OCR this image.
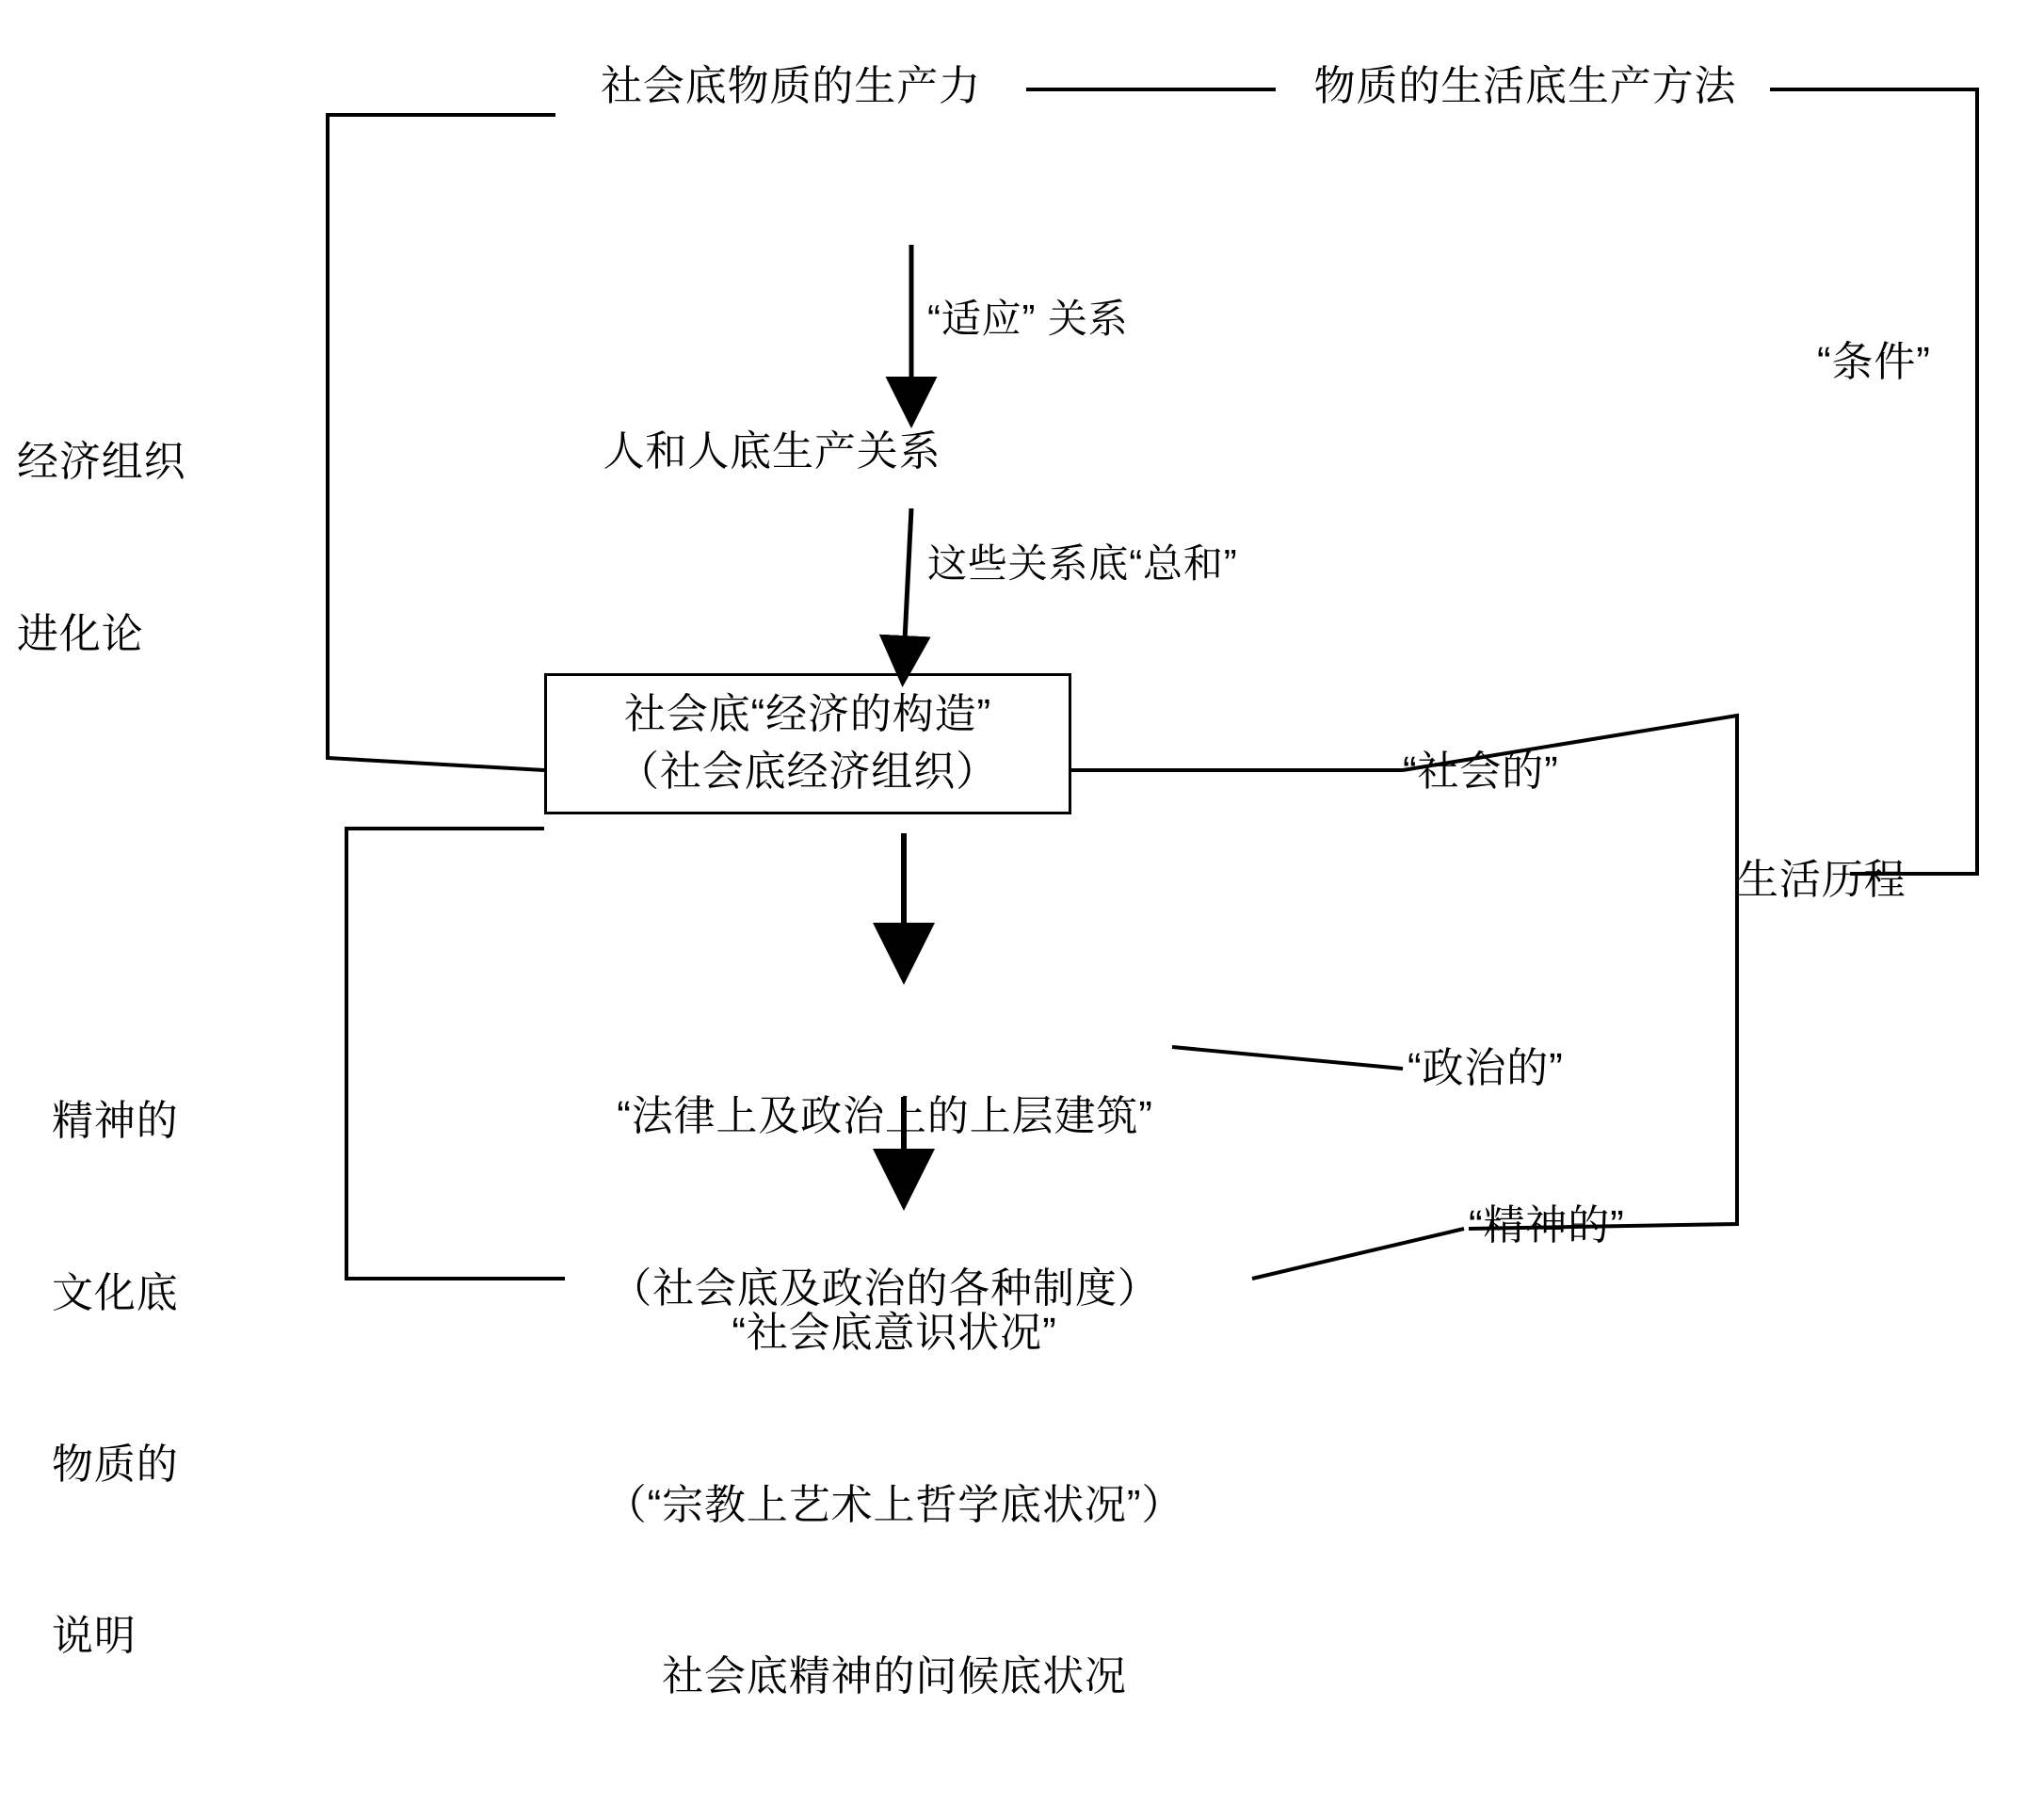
社会底物质的生产力	物质的生活底生产方法
“适应” 关系
人和人底生产关系
这些关系底“总和”
社会底“经济的构造”
（社会底经济组织）

“法律上及政治上的上层建筑”

（社会底及政治的各种制度）

“社会底意识状况”

（“宗教上艺术上哲学底状况”）

社会底精神的问候底状况

经济组织

进化论

精神的

文化底

物质的

说明

“条件”
生活历程
“社会的”
“政治的”
“精神的”
